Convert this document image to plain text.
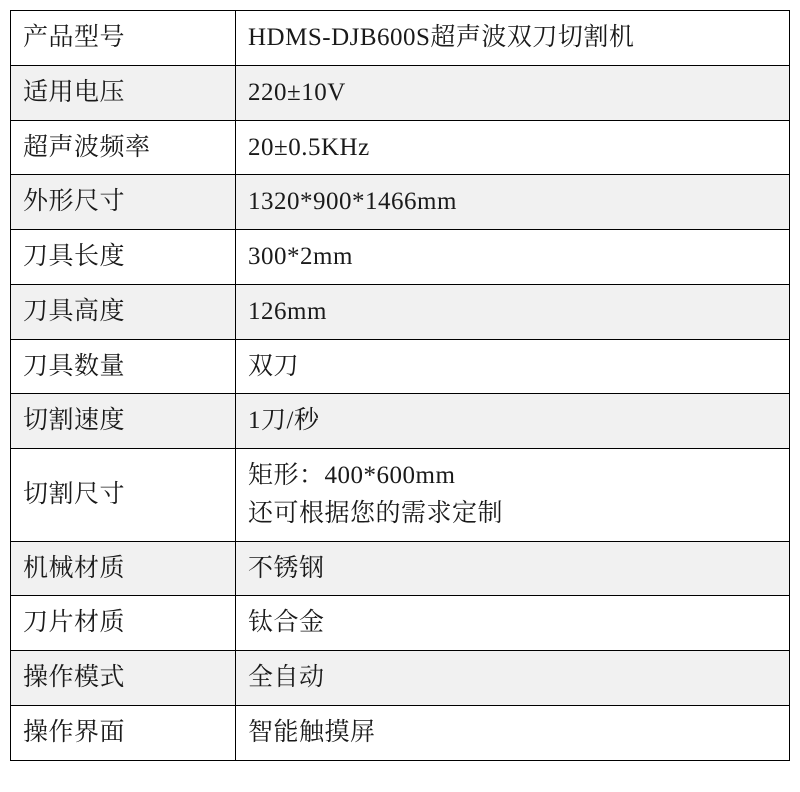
产品型号	HDMS-DJB600S超声波双刀切割机

适用电压	220±10V

超声波频率	20±0.5KHz

外形尺寸	1320*900*1466mm

刀具长度	300*2mm

刀具高度	126mm

刀具数量	双刀

切割速度	1刀/秒

切割尺寸	矩形：400*600mm
还可根据您的需求定制

机械材质	不锈钢

刀片材质	钛合金

操作模式	全自动

操作界面	智能触摸屏
